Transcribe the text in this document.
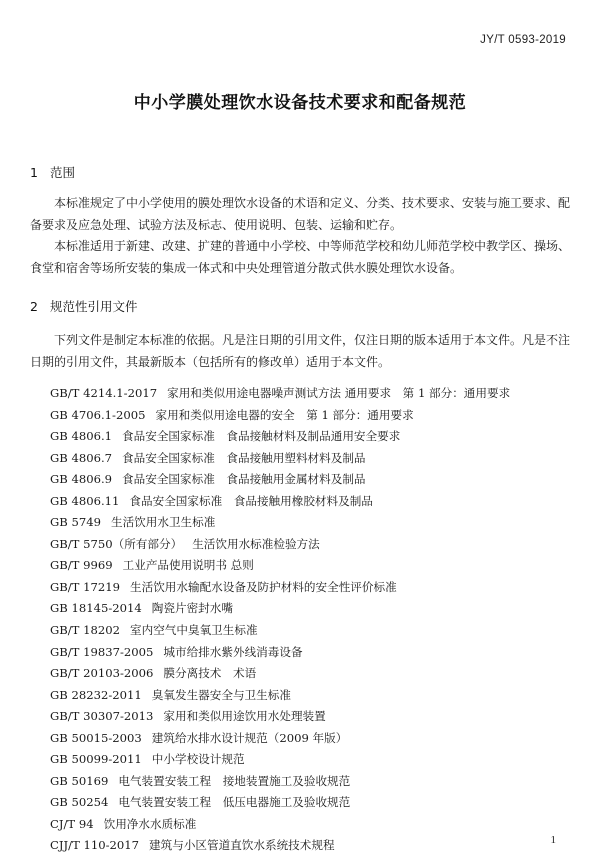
JY/T 0593-2019
中小学膜处理饮水设备技术要求和配备规范
1 范围
本标准规定了中小学使用的膜处理饮水设备的术语和定义、分类、技术要求、安装与施工要求、配备要求及应急处理、试验方法及标志、使用说明、包装、运输和贮存。
本标准适用于新建、改建、扩建的普通中小学校、中等师范学校和幼儿师范学校中教学区、操场、食堂和宿舍等场所安装的集成一体式和中央处理管道分散式供水膜处理饮水设备。
2 规范性引用文件
下列文件是制定本标准的依据。凡是注日期的引用文件，仅注日期的版本适用于本文件。凡是不注日期的引用文件，其最新版本（包括所有的修改单）适用于本文件。
GB/T 4214.1-2017 家用和类似用途电器噪声测试方法 通用要求　第 1 部分：通用要求
GB 4706.1-2005 家用和类似用途电器的安全　第 1 部分：通用要求
GB 4806.1 食品安全国家标准　食品接触材料及制品通用安全要求
GB 4806.7 食品安全国家标准　食品接触用塑料材料及制品
GB 4806.9 食品安全国家标准　食品接触用金属材料及制品
GB 4806.11 食品安全国家标准　食品接触用橡胶材料及制品
GB 5749 生活饮用水卫生标准
GB/T 5750（所有部分） 生活饮用水标准检验方法
GB/T 9969 工业产品使用说明书 总则
GB/T 17219 生活饮用水输配水设备及防护材料的安全性评价标准
GB 18145-2014 陶瓷片密封水嘴
GB/T 18202 室内空气中臭氧卫生标准
GB/T 19837-2005 城市给排水紫外线消毒设备
GB/T 20103-2006 膜分离技术　术语
GB 28232-2011 臭氧发生器安全与卫生标准
GB/T 30307-2013 家用和类似用途饮用水处理装置
GB 50015-2003 建筑给水排水设计规范（2009 年版）
GB 50099-2011 中小学校设计规范
GB 50169 电气装置安装工程　接地装置施工及验收规范
GB 50254 电气装置安装工程　低压电器施工及验收规范
CJ/T 94 饮用净水水质标准
CJJ/T 110-2017 建筑与小区管道直饮水系统技术规程	1
